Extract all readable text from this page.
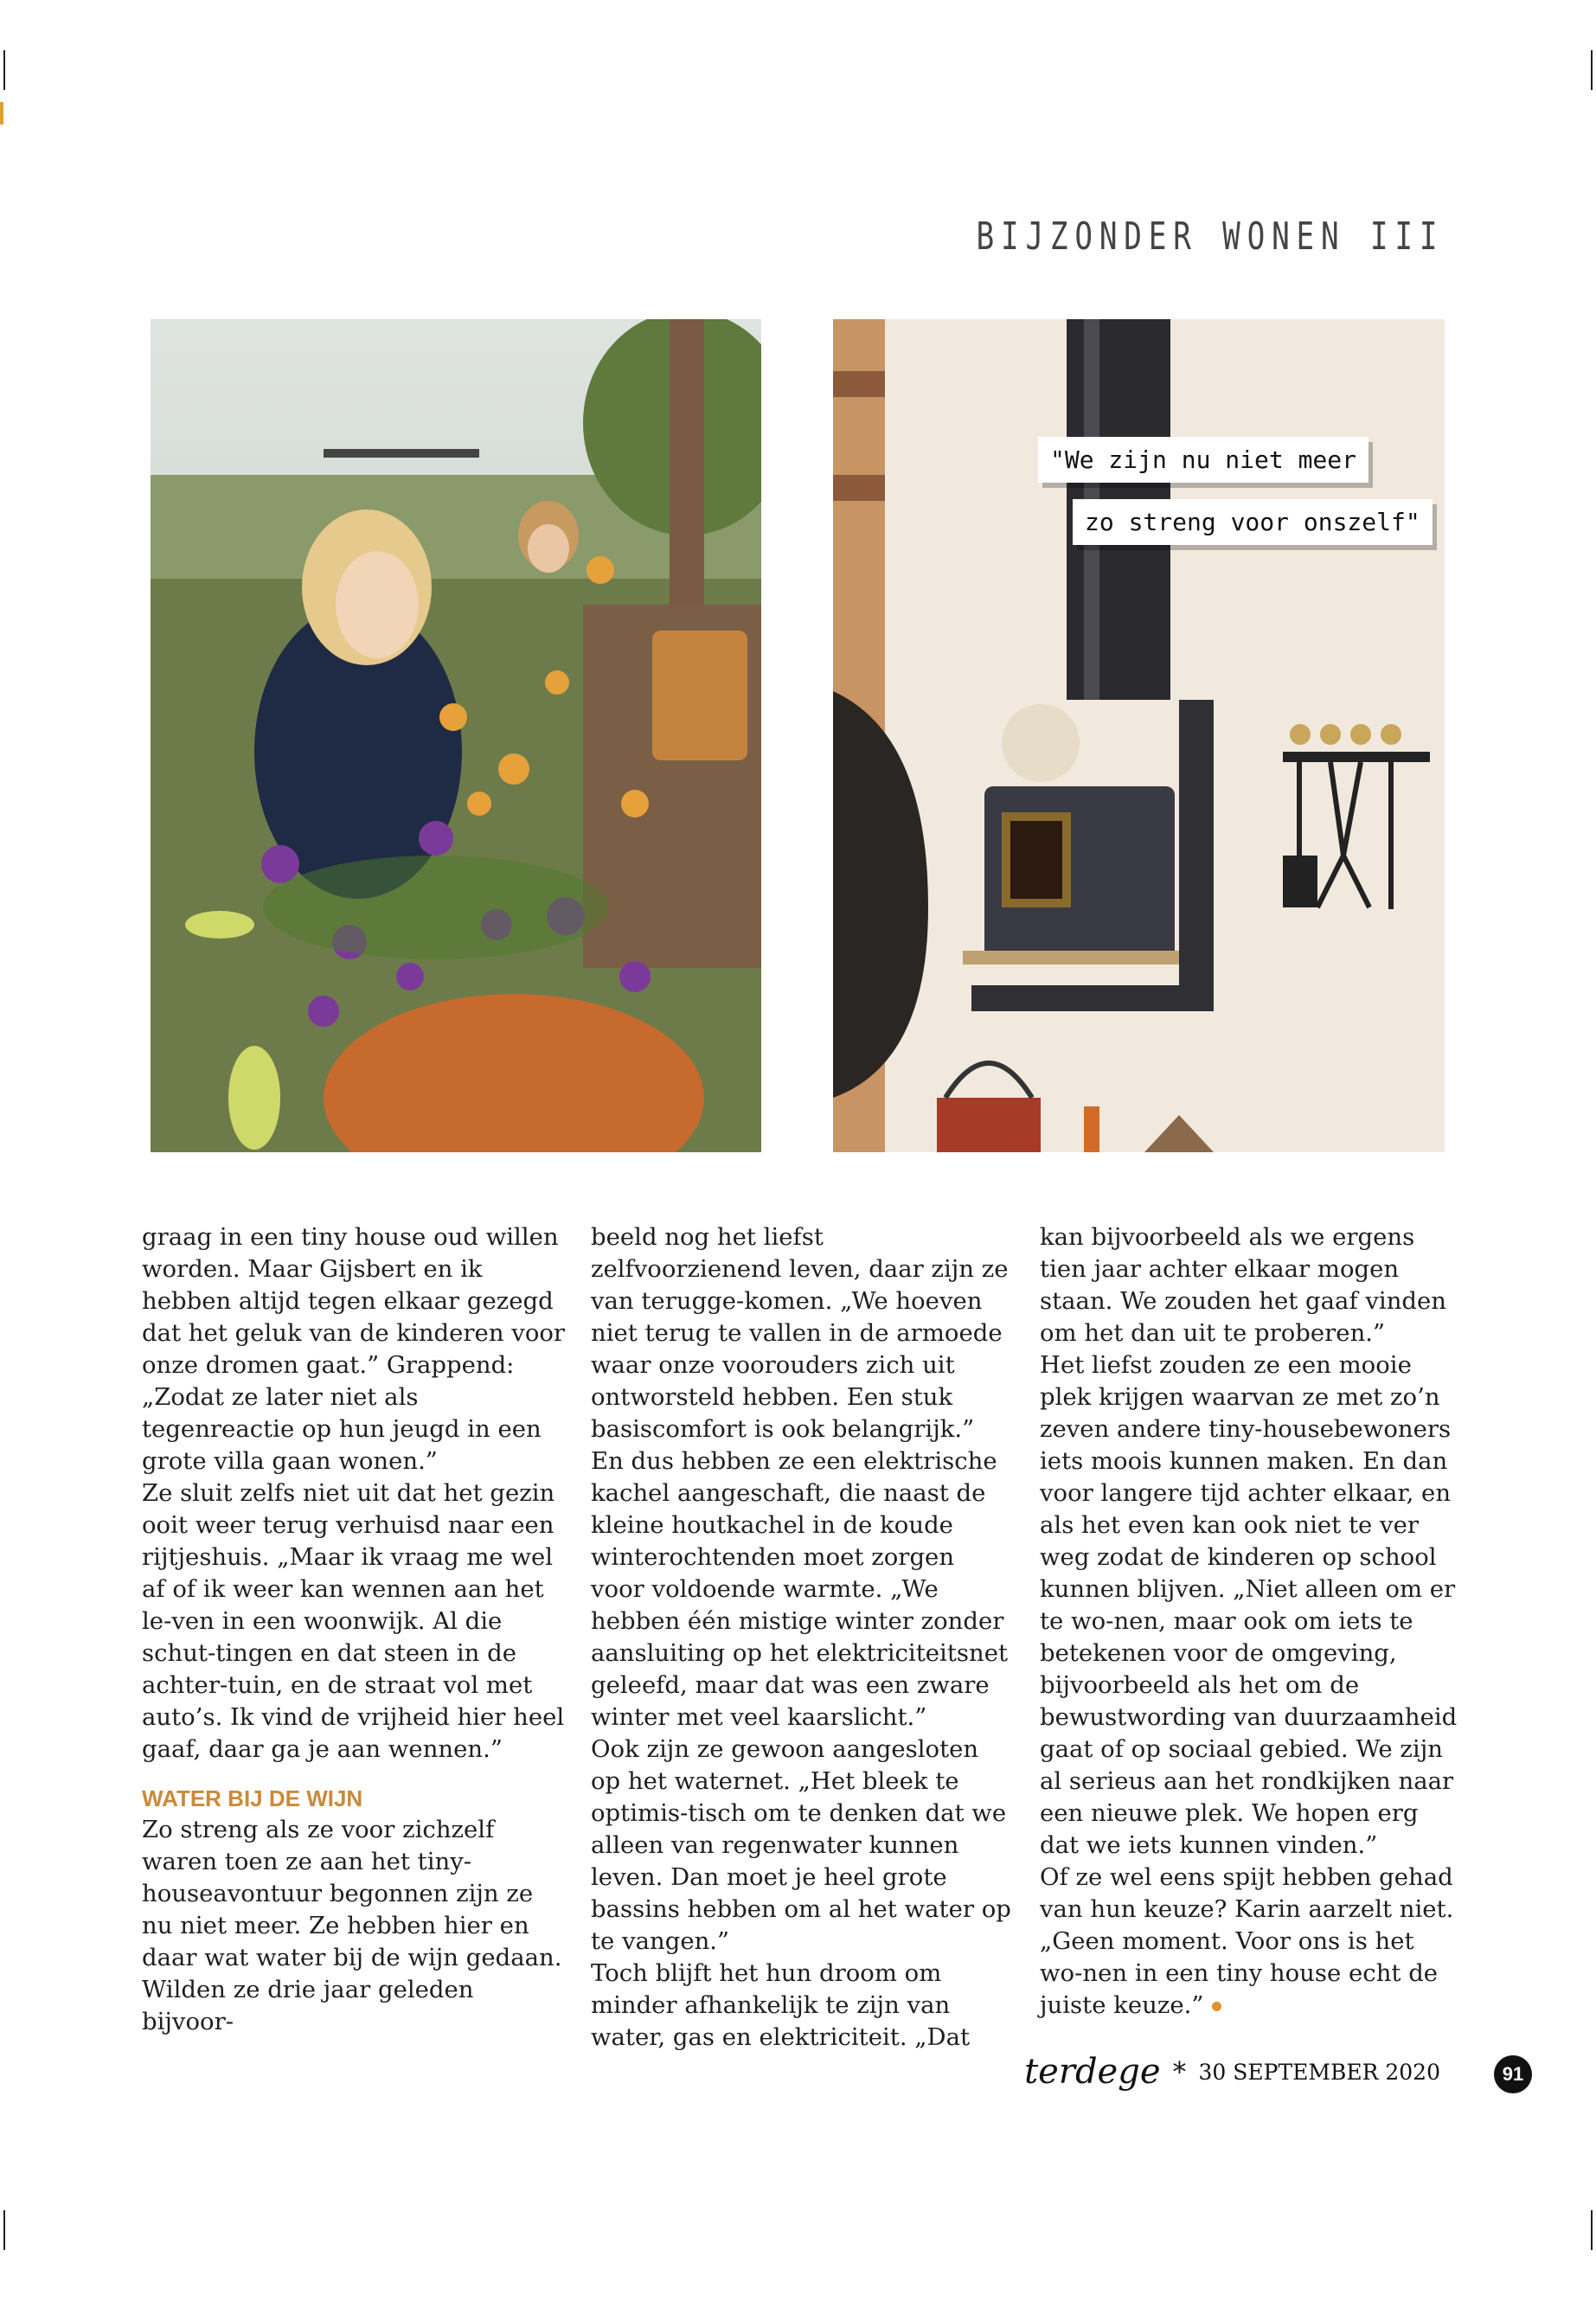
BIJZONDER WONEN III
"We zijn nu niet meer
zo streng voor onszelf"

graag in een tiny house oud willen worden. Maar Gijsbert en ik hebben altijd tegen elkaar gezegd dat het geluk van de kinderen voor onze dromen gaat.” Grappend: „Zodat ze later niet als tegenreactie op hun jeugd in een grote villa gaan wonen.”

Ze sluit zelfs niet uit dat het gezin ooit weer terug verhuisd naar een rijtjeshuis. „Maar ik vraag me wel af of ik weer kan wennen aan het le-ven in een woonwijk. Al die schut-tingen en dat steen in de achter-tuin, en de straat vol met auto’s. Ik vind de vrijheid hier heel gaaf, daar ga je aan wennen.”

WATER BIJ DE WIJN

Zo streng als ze voor zichzelf waren toen ze aan het tiny-houseavontuur begonnen zijn ze nu niet meer. Ze hebben hier en daar wat water bij de wijn gedaan.

Wilden ze drie jaar geleden bijvoor-

beeld nog het liefst zelfvoorzienend leven, daar zijn ze van terugge-komen. „We hoeven niet terug te vallen in de armoede waar onze voorouders zich uit ontworsteld hebben. Een stuk basiscomfort is ook belangrijk.”

En dus hebben ze een elektrische kachel aangeschaft, die naast de kleine houtkachel in de koude winterochtenden moet zorgen voor voldoende warmte. „We hebben één mistige winter zonder aansluiting op het elektriciteitsnet geleefd, maar dat was een zware winter met veel kaarslicht.”

Ook zijn ze gewoon aangesloten op het waternet. „Het bleek te optimis-tisch om te denken dat we alleen van regenwater kunnen leven. Dan moet je heel grote bassins hebben om al het water op te vangen.”

Toch blijft het hun droom om minder afhankelijk te zijn van water, gas en elektriciteit. „Dat

kan bijvoorbeeld als we ergens tien jaar achter elkaar mogen staan. We zouden het gaaf vinden om het dan uit te proberen.”

Het liefst zouden ze een mooie plek krijgen waarvan ze met zo’n zeven andere tiny-housebewoners iets moois kunnen maken. En dan voor langere tijd achter elkaar, en als het even kan ook niet te ver weg zodat de kinderen op school kunnen blijven. „Niet alleen om er te wo-nen, maar ook om iets te betekenen voor de omgeving, bijvoorbeeld als het om de bewustwording van duurzaamheid gaat of op sociaal gebied. We zijn al serieus aan het rondkijken naar een nieuwe plek. We hopen erg dat we iets kunnen vinden.”

Of ze wel eens spijt hebben gehad van hun keuze? Karin aarzelt niet. „Geen moment. Voor ons is het wo-nen in een tiny house echt de juiste keuze.”

terdege * 30 SEPTEMBER 2020	91
